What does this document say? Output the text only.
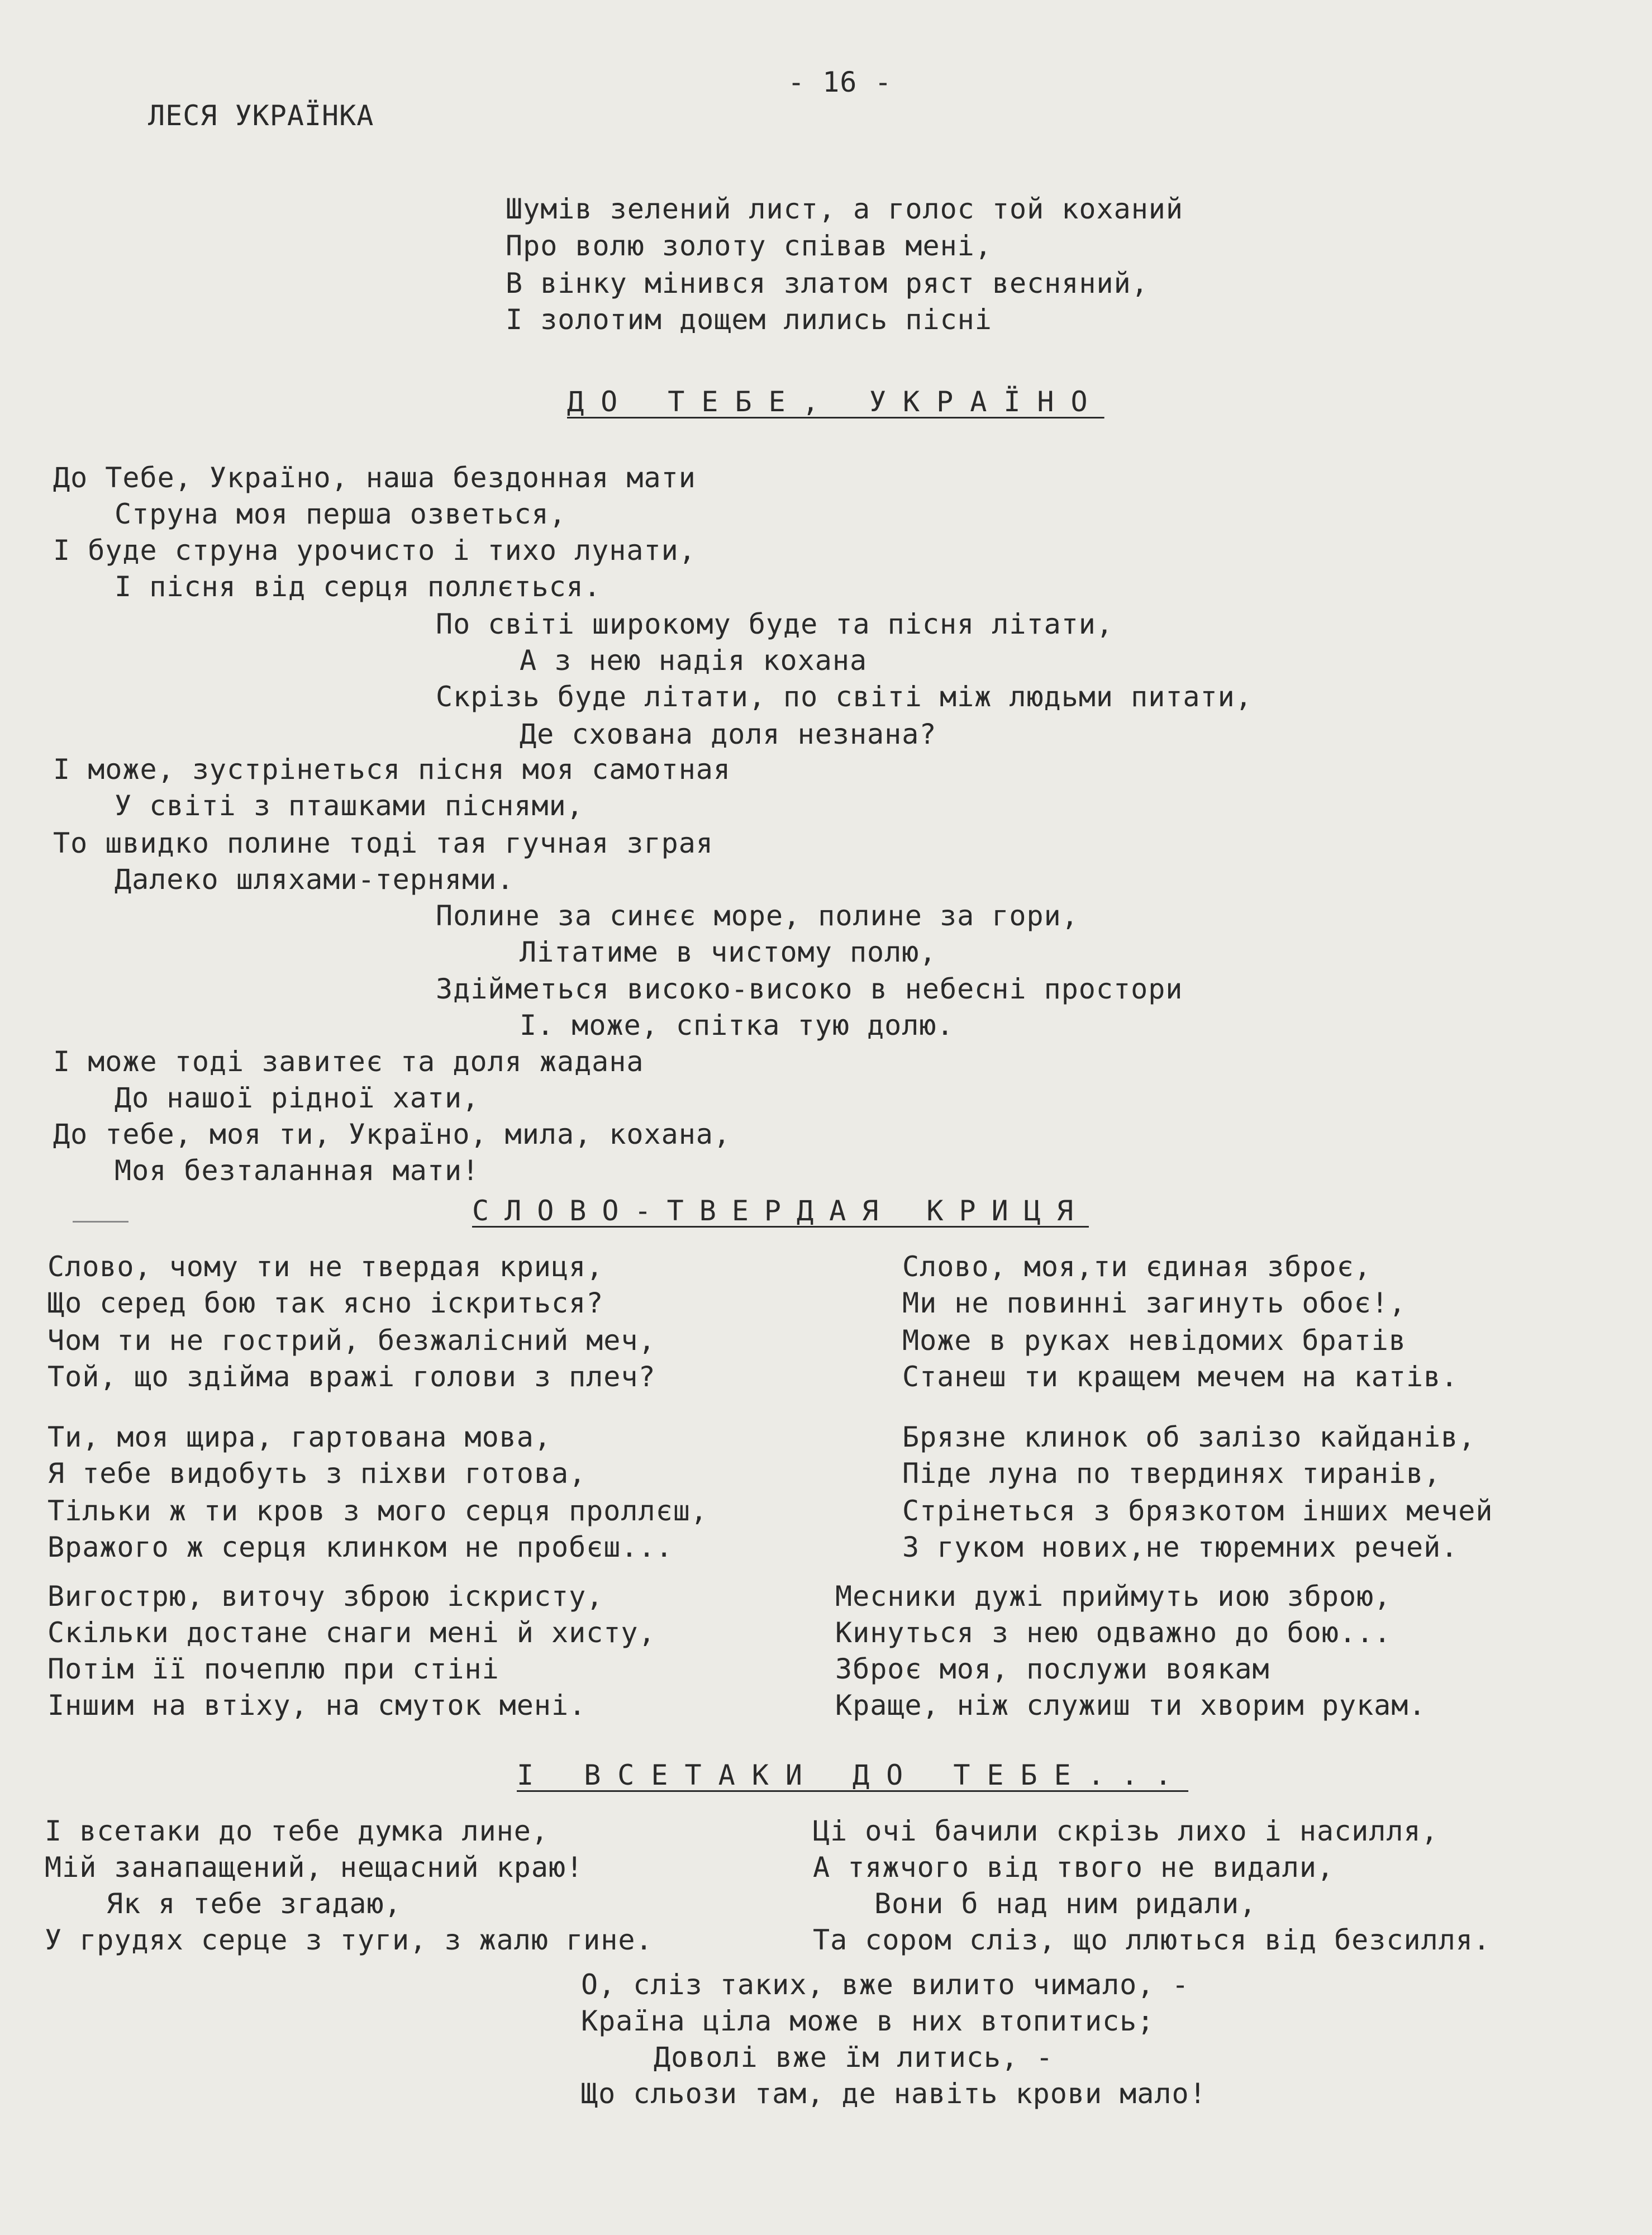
- 16 -
ЛЕСЯ УКРАЇНКА
Шумів зелений лист, а голос той коханий
Про волю золоту співав мені,
В вінку мінився златом ряст весняний,
І золотим дощем лились пісні
ДО ТЕБЕ, УКРАЇНО
До Тебе, Україно, наша бездонная мати
Струна моя перша озветься,
І буде струна урочисто і тихо лунати,
І пісня від серця поллється.
По світі широкому буде та пісня літати,
А з нею надія кохана
Скрізь буде літати, по світі між людьми питати,
Де схована доля незнана?
І може, зустрінеться пісня моя самотная
У світі з пташками піснями,
То швидко полине тоді тая гучная зграя
Далеко шляхами-тернями.
Полине за синєє море, полине за гори,
Літатиме в чистому полю,
Здійметься високо-високо в небесні простори
І. може, спітка тую долю.
І може тоді завитеє та доля жадана
До нашої рідної хати,
До тебе, моя ти, Україно, мила, кохана,
Моя безталанная мати!
СЛОВО-ТВЕРДАЯ КРИЦЯ
Слово, чому ти не твердая криця,
Що серед бою так ясно іскриться?
Чом ти не гострий, безжалісний меч,
Той, що здійма вражі голови з плеч?
Ти, моя щира, гартована мова,
Я тебе видобуть з піхви готова,
Тільки ж ти кров з мого серця проллєш,
Вражого ж серця клинком не пробєш...
Вигострю, виточу зброю іскристу,
Скільки достане снаги мені й хисту,
Потім її почеплю при стіні
Іншим на втіху, на смуток мені.
Слово, моя,ти єдиная зброє,
Ми не повинні загинуть обоє!,
Може в руках невідомих братів
Станеш ти кращем мечем на катів.
Брязне клинок об залізо кайданів,
Піде луна по твердинях тиранів,
Стрінеться з брязкотом інших мечей
З гуком нових,не тюремних речей.
Месники дужі приймуть иою зброю,
Кинуться з нею одважно до бою...
Зброє моя, послужи воякам
Краще, ніж служиш ти хворим рукам.
І ВСЕТАКИ ДО ТЕБЕ...
І всетаки до тебе думка лине,
Мій занапащений, нещасний краю!
Як я тебе згадаю,
У грудях серце з туги, з жалю гине.
Ці очі бачили скрізь лихо і насилля,
А тяжчого від твого не видали,
Вони б над ним ридали,
Та сором сліз, що ллються від безсилля.
О, сліз таких, вже вилито чимало, -
Країна ціла може в них втопитись;
Доволі вже їм литись, -
Що сльози там, де навіть крови мало!
